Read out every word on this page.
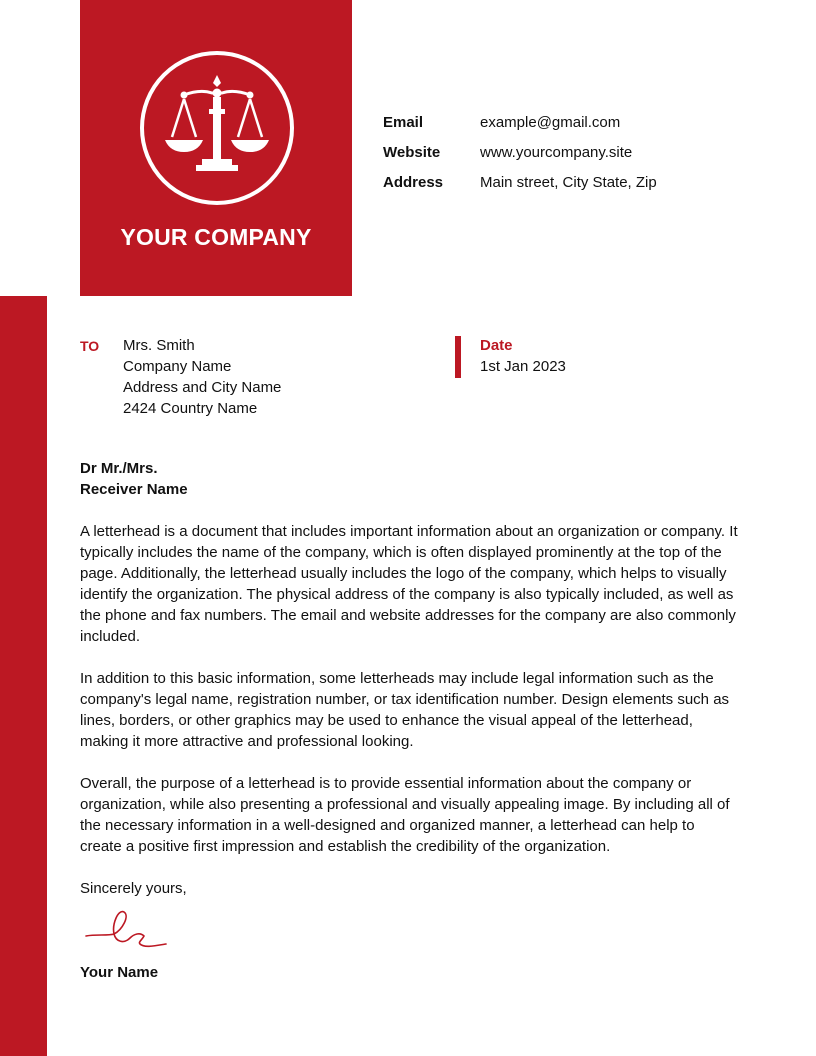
YOUR COMPANY
Email	example@gmail.com
Website	www.yourcompany.site
Address	Main street, City State, Zip
TO Mrs. Smith
Company Name
Address and City Name
2424 Country Name
Date
1st Jan 2023
Dr Mr./Mrs.
Receiver Name

A letterhead is a document that includes important information about an organization or company. It typically includes the name of the company, which is often displayed prominently at the top of the page. Additionally, the letterhead usually includes the logo of the company, which helps to visually identify the organization. The physical address of the company is also typically included, as well as the phone and fax numbers. The email and website addresses for the company are also commonly included.

In addition to this basic information, some letterheads may include legal information such as the company's legal name, registration number, or tax identification number. Design elements such as lines, borders, or other graphics may be used to enhance the visual appeal of the letterhead, making it more attractive and professional looking.

Overall, the purpose of a letterhead is to provide essential information about the company or organization, while also presenting a professional and visually appealing image. By including all of the necessary information in a well-designed and organized manner, a letterhead can help to create a positive first impression and establish the credibility of the organization.

Sincerely yours,
Your Name
